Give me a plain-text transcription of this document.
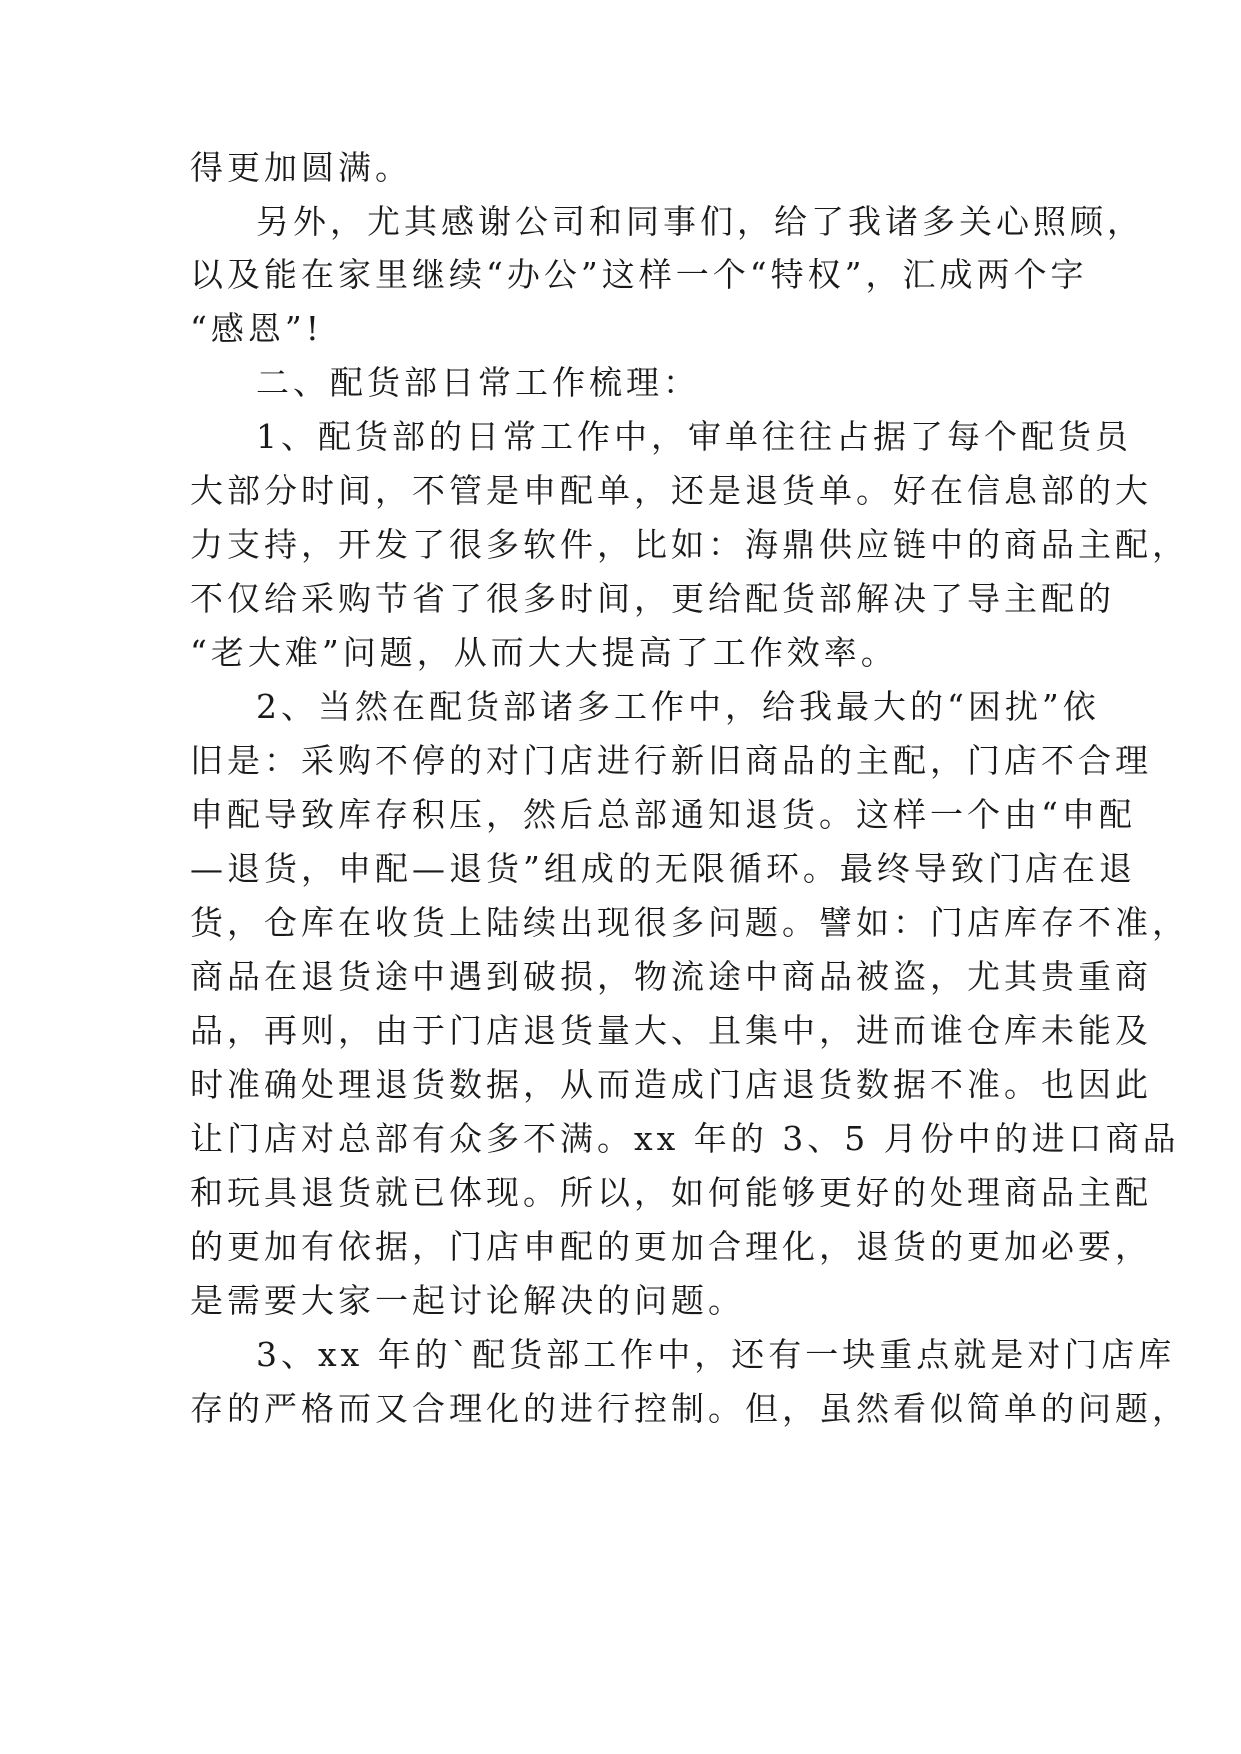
得更加圆满。
另外，尤其感谢公司和同事们，给了我诸多关心照顾，
以及能在家里继续“办公”这样一个“特权”，汇成两个字
“感恩”!
二、配货部日常工作梳理：
1、配货部的日常工作中，审单往往占据了每个配货员
大部分时间，不管是申配单，还是退货单。好在信息部的大
力支持，开发了很多软件，比如：海鼎供应链中的商品主配，
不仅给采购节省了很多时间，更给配货部解决了导主配的
“老大难”问题，从而大大提高了工作效率。
2、当然在配货部诸多工作中，给我最大的“困扰”依
旧是：采购不停的对门店进行新旧商品的主配，门店不合理
申配导致库存积压，然后总部通知退货。这样一个由“申配
—退货，申配—退货”组成的无限循环。最终导致门店在退
货，仓库在收货上陆续出现很多问题。譬如：门店库存不准，
商品在退货途中遇到破损，物流途中商品被盗，尤其贵重商
品，再则，由于门店退货量大、且集中，进而谁仓库未能及
时准确处理退货数据，从而造成门店退货数据不准。也因此
让门店对总部有众多不满。xx 年的 3、5 月份中的进口商品
和玩具退货就已体现。所以，如何能够更好的处理商品主配
的更加有依据，门店申配的更加合理化，退货的更加必要，
是需要大家一起讨论解决的问题。
3、xx 年的`配货部工作中，还有一块重点就是对门店库
存的严格而又合理化的进行控制。但，虽然看似简单的问题，
